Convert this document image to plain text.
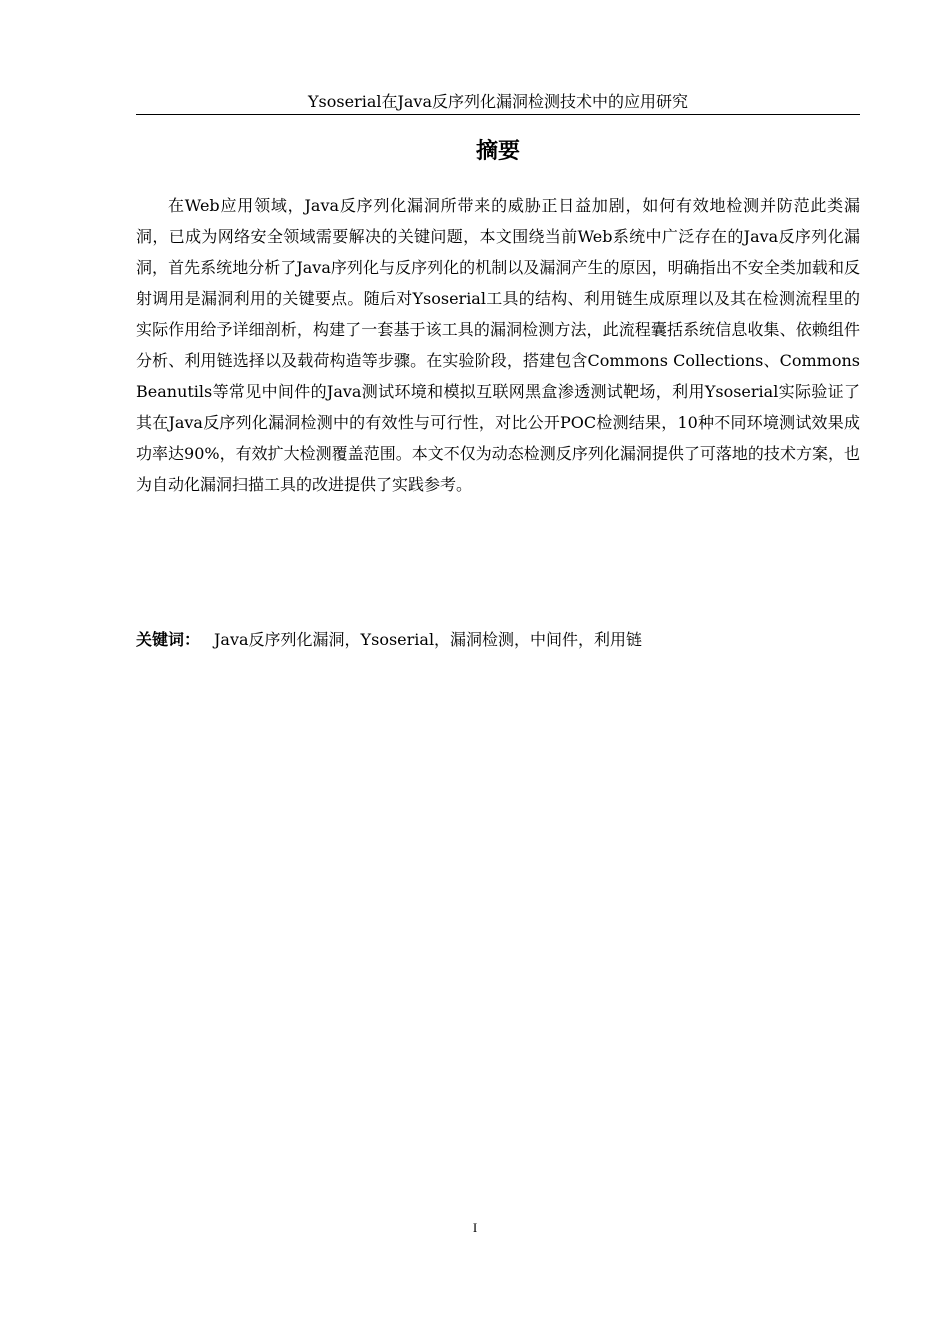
Ysoserial在Java反序列化漏洞检测技术中的应用研究
摘要

在Web应用领域，Java反序列化漏洞所带来的威胁正日益加剧，如何有效地检测并防范此类漏洞，已成为网络安全领域需要解决的关键问题，本文围绕当前Web系统中广泛存在的Java反序列化漏洞，首先系统地分析了Java序列化与反序列化的机制以及漏洞产生的原因，明确指出不安全类加载和反射调用是漏洞利用的关键要点。随后对Ysoserial工具的结构、利用链生成原理以及其在检测流程里的实际作用给予详细剖析，构建了一套基于该工具的漏洞检测方法，此流程囊括系统信息收集、依赖组件分析、利用链选择以及载荷构造等步骤。在实验阶段，搭建包含Commons Collections、Commons Beanutils等常见中间件的Java测试环境和模拟互联网黑盒渗透测试靶场，利用Ysoserial实际验证了其在Java反序列化漏洞检测中的有效性与可行性，对比公开POC检测结果，10种不同环境测试效果成功率达90%，有效扩大检测覆盖范围。本文不仅为动态检测反序列化漏洞提供了可落地的技术方案，也为自动化漏洞扫描工具的改进提供了实践参考。

关键词： Java反序列化漏洞，Ysoserial，漏洞检测，中间件，利用链

I
